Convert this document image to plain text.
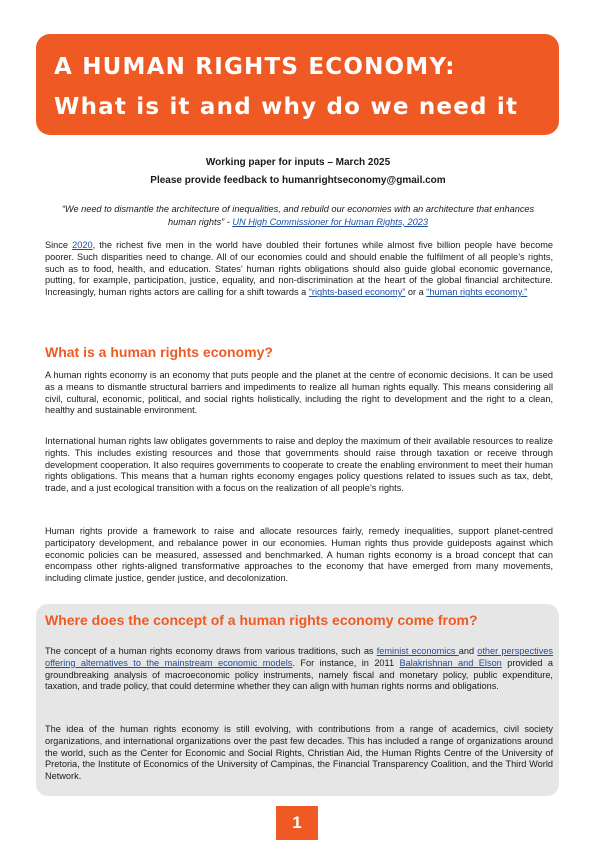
A HUMAN RIGHTS ECONOMY:
What is it and why do we need it
Working paper for inputs – March 2025
Please provide feedback to humanrightseconomy@gmail.com
“We need to dismantle the architecture of inequalities, and rebuild our economies with an architecture that enhances human rights” - UN High Commissioner for Human Rights, 2023
Since 2020, the richest five men in the world have doubled their fortunes while almost five billion people have become poorer. Such disparities need to change. All of our economies could and should enable the fulfilment of all people’s rights, such as to food, health, and education. States’ human rights obligations should also guide global economic governance, putting, for example, participation, justice, equality, and non-discrimination at the heart of the global financial architecture. Increasingly, human rights actors are calling for a shift towards a “rights-based economy” or a “human rights economy.”
What is a human rights economy?
A human rights economy is an economy that puts people and the planet at the centre of economic decisions. It can be used as a means to dismantle structural barriers and impediments to realize all human rights equally. This means considering all civil, cultural, economic, political, and social rights holistically, including the right to development and the right to a clean, healthy and sustainable environment.
International human rights law obligates governments to raise and deploy the maximum of their available resources to realize rights. This includes existing resources and those that governments should raise through taxation or receive through development cooperation. It also requires governments to cooperate to create the enabling environment to meet their human rights obligations. This means that a human rights economy engages policy questions related to issues such as tax, debt, trade, and a just ecological transition with a focus on the realization of all people’s rights.
Human rights provide a framework to raise and allocate resources fairly, remedy inequalities, support planet-centred participatory development, and rebalance power in our economies. Human rights thus provide guideposts against which economic policies can be measured, assessed and benchmarked. A human rights economy is a broad concept that can encompass other rights-aligned transformative approaches to the economy that have emerged from many movements, including climate justice, gender justice, and decolonization.
Where does the concept of a human rights economy come from?
The concept of a human rights economy draws from various traditions, such as feminist economics and other perspectives offering alternatives to the mainstream economic models. For instance, in 2011 Balakrishnan and Elson provided a groundbreaking analysis of macroeconomic policy instruments, namely fiscal and monetary policy, public expenditure, taxation, and trade policy, that could determine whether they can align with human rights norms and obligations.
The idea of the human rights economy is still evolving, with contributions from a range of academics, civil society organizations, and international organizations over the past few decades. This has included a range of organizations around the world, such as the Center for Economic and Social Rights, Christian Aid, the Human Rights Centre of the University of Pretoria, the Institute of Economics of the University of Campinas, the Financial Transparency Coalition, and the Third World Network.
1
